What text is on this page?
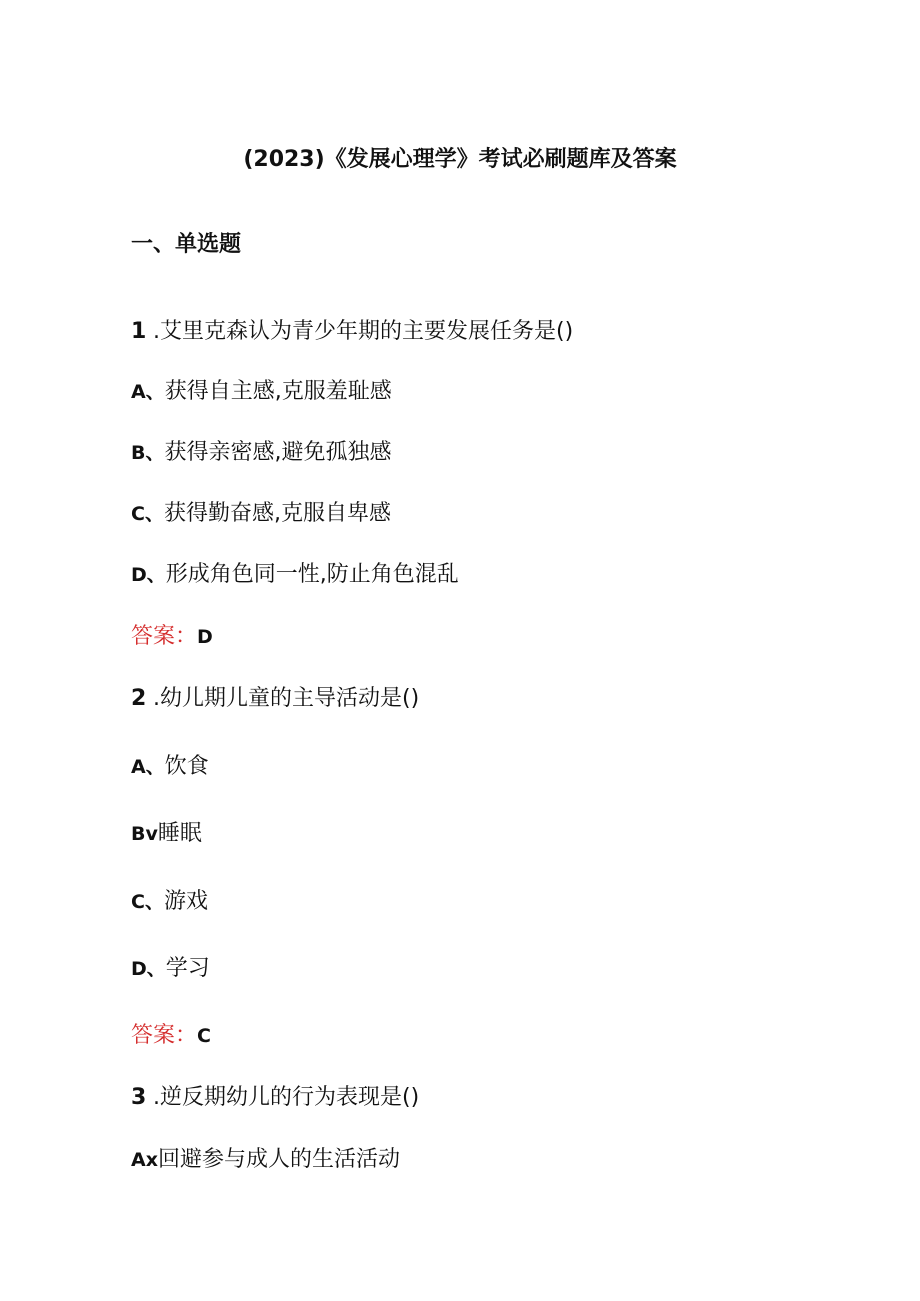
(2023)《发展心理学》考试必刷题库及答案
一、单选题
1 .艾里克森认为青少年期的主要发展任务是()
A、获得自主感,克服羞耻感
B、获得亲密感,避免孤独感
C、获得勤奋感,克服自卑感
D、形成角色同一性,防止角色混乱
答案：D
2 .幼儿期儿童的主导活动是()
A、饮食
Bv睡眠
C、游戏
D、学习
答案：C
3 .逆反期幼儿的行为表现是()
Ax回避参与成人的生活活动
